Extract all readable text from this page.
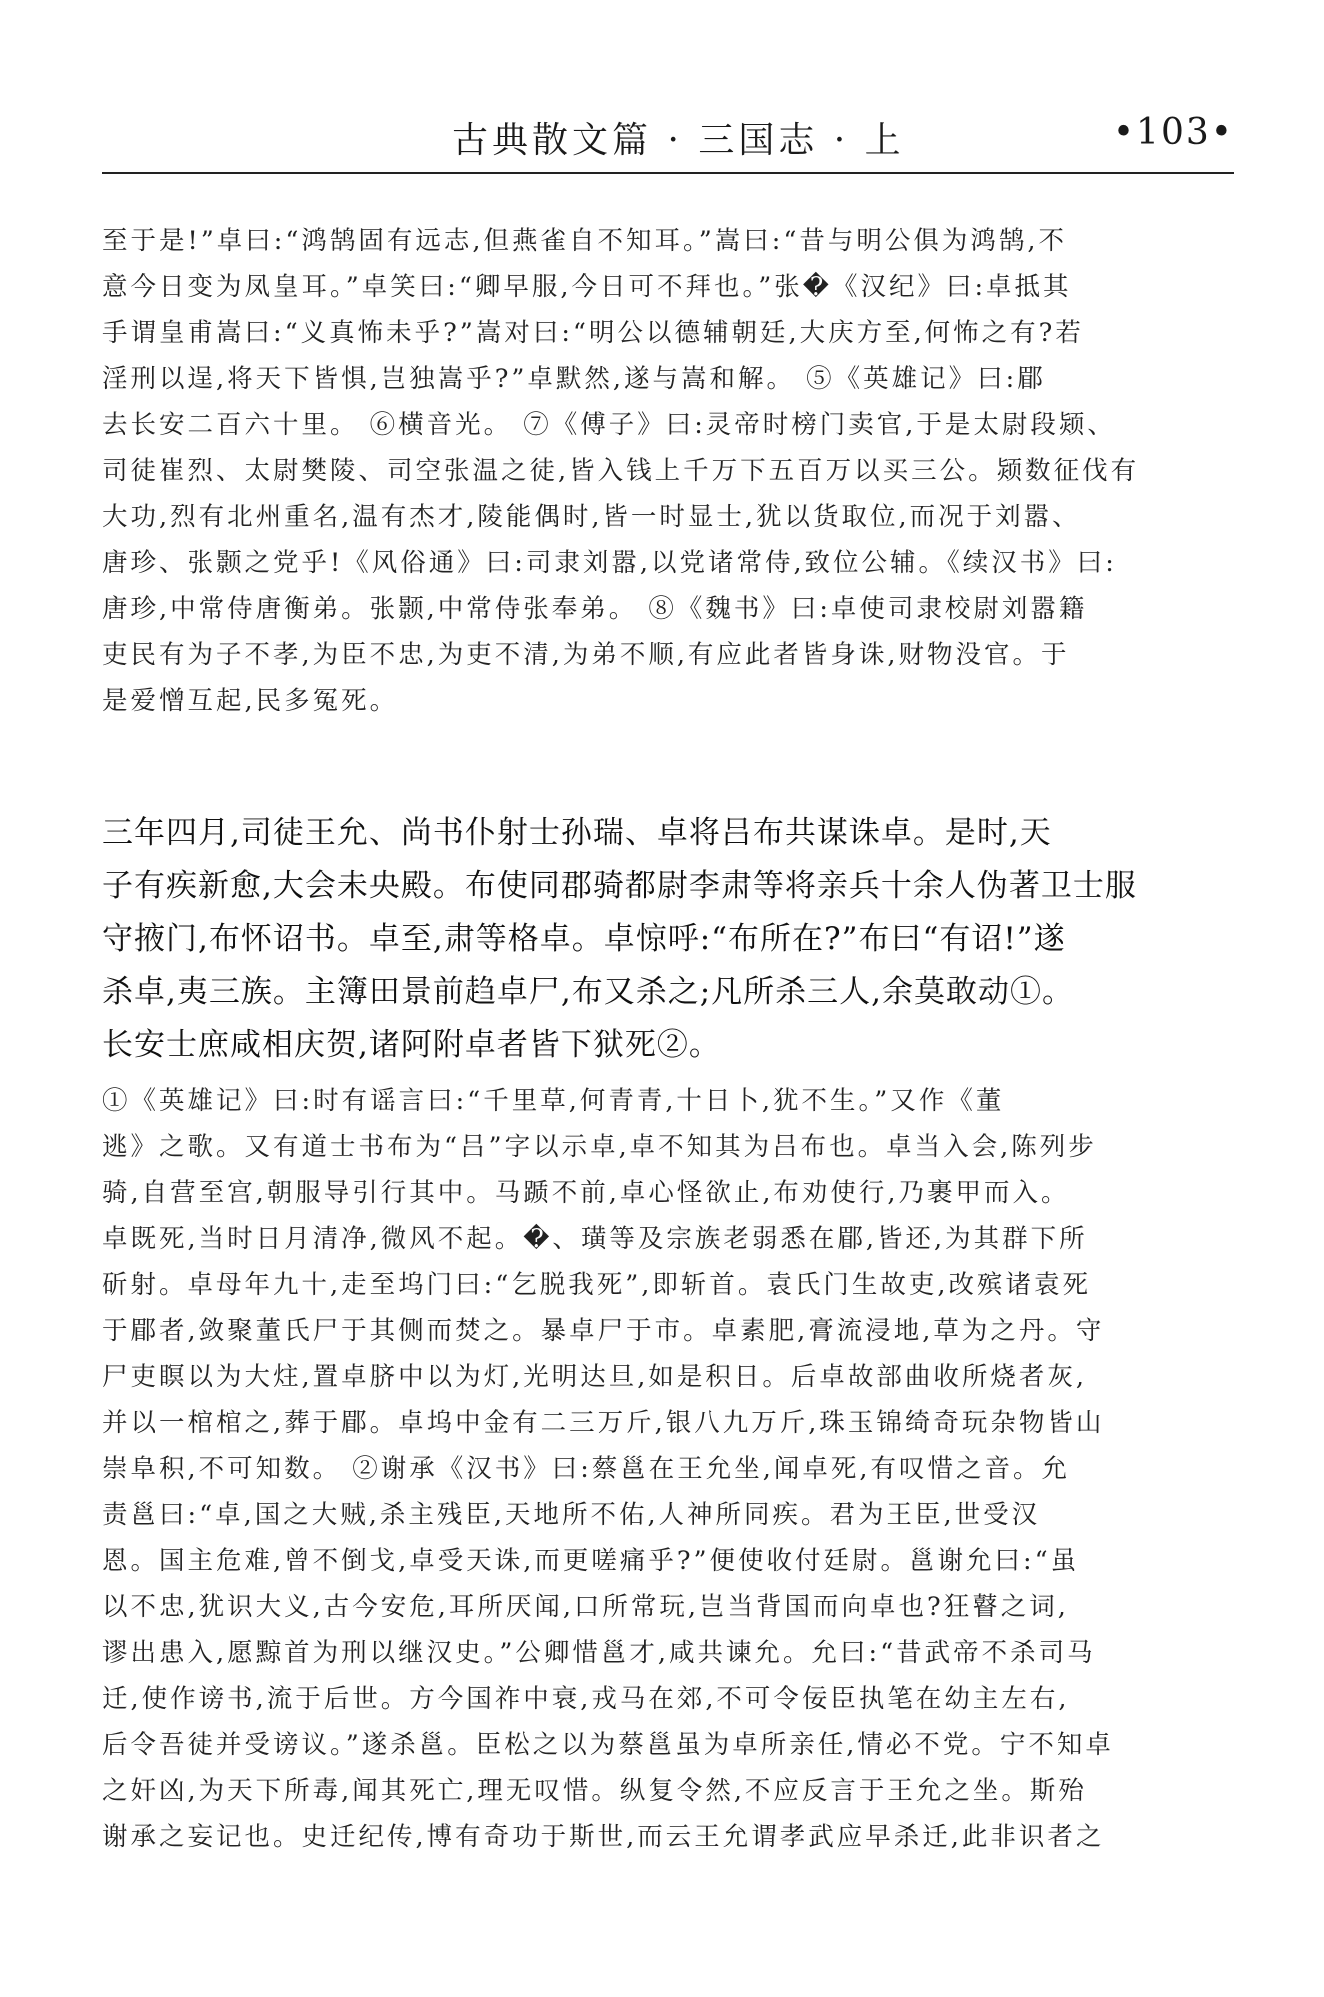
古典散文篇 · 三国志 · 上	•103•

至于是!”卓曰:“鸿鹄固有远志,但燕雀自不知耳。”嵩曰:“昔与明公俱为鸿鹄,不

意今日变为凤皇耳。”卓笑曰:“卿早服,今日可不拜也。”张�《汉纪》曰:卓抵其

手谓皇甫嵩曰:“义真怖未乎?”嵩对曰:“明公以德辅朝廷,大庆方至,何怖之有?若

淫刑以逞,将天下皆惧,岂独嵩乎?”卓默然,遂与嵩和解。 ⑤《英雄记》曰:郿

去长安二百六十里。 ⑥横音光。 ⑦《傅子》曰:灵帝时榜门卖官,于是太尉段颎、

司徒崔烈、太尉樊陵、司空张温之徒,皆入钱上千万下五百万以买三公。颎数征伐有

大功,烈有北州重名,温有杰才,陵能偶时,皆一时显士,犹以货取位,而况于刘嚣、

唐珍、张颢之党乎!《风俗通》曰:司隶刘嚣,以党诸常侍,致位公辅。《续汉书》曰:

唐珍,中常侍唐衡弟。张颢,中常侍张奉弟。 ⑧《魏书》曰:卓使司隶校尉刘嚣籍

吏民有为子不孝,为臣不忠,为吏不清,为弟不顺,有应此者皆身诛,财物没官。于

是爱憎互起,民多冤死。

三年四月,司徒王允、尚书仆射士孙瑞、卓将吕布共谋诛卓。是时,天

子有疾新愈,大会未央殿。布使同郡骑都尉李肃等将亲兵十余人伪著卫士服

守掖门,布怀诏书。卓至,肃等格卓。卓惊呼:“布所在?”布曰“有诏!”遂

杀卓,夷三族。主簿田景前趋卓尸,布又杀之;凡所杀三人,余莫敢动①。

长安士庶咸相庆贺,诸阿附卓者皆下狱死②。

①《英雄记》曰:时有谣言曰:“千里草,何青青,十日卜,犹不生。”又作《董

逃》之歌。又有道士书布为“吕”字以示卓,卓不知其为吕布也。卓当入会,陈列步

骑,自营至宫,朝服导引行其中。马踬不前,卓心怪欲止,布劝使行,乃裹甲而入。

卓既死,当时日月清净,微风不起。�、璜等及宗族老弱悉在郿,皆还,为其群下所

斫射。卓母年九十,走至坞门曰:“乞脱我死”,即斩首。袁氏门生故吏,改殡诸袁死

于郿者,敛聚董氏尸于其侧而焚之。暴卓尸于市。卓素肥,膏流浸地,草为之丹。守

尸吏瞑以为大炷,置卓脐中以为灯,光明达旦,如是积日。后卓故部曲收所烧者灰,

并以一棺棺之,葬于郿。卓坞中金有二三万斤,银八九万斤,珠玉锦绮奇玩杂物皆山

崇阜积,不可知数。 ②谢承《汉书》曰:蔡邕在王允坐,闻卓死,有叹惜之音。允

责邕曰:“卓,国之大贼,杀主残臣,天地所不佑,人神所同疾。君为王臣,世受汉

恩。国主危难,曾不倒戈,卓受天诛,而更嗟痛乎?”便使收付廷尉。邕谢允曰:“虽

以不忠,犹识大义,古今安危,耳所厌闻,口所常玩,岂当背国而向卓也?狂瞽之词,

谬出患入,愿黥首为刑以继汉史。”公卿惜邕才,咸共谏允。允曰:“昔武帝不杀司马

迁,使作谤书,流于后世。方今国祚中衰,戎马在郊,不可令佞臣执笔在幼主左右,

后令吾徒并受谤议。”遂杀邕。臣松之以为蔡邕虽为卓所亲任,情必不党。宁不知卓

之奸凶,为天下所毒,闻其死亡,理无叹惜。纵复令然,不应反言于王允之坐。斯殆

谢承之妄记也。史迁纪传,博有奇功于斯世,而云王允谓孝武应早杀迁,此非识者之
